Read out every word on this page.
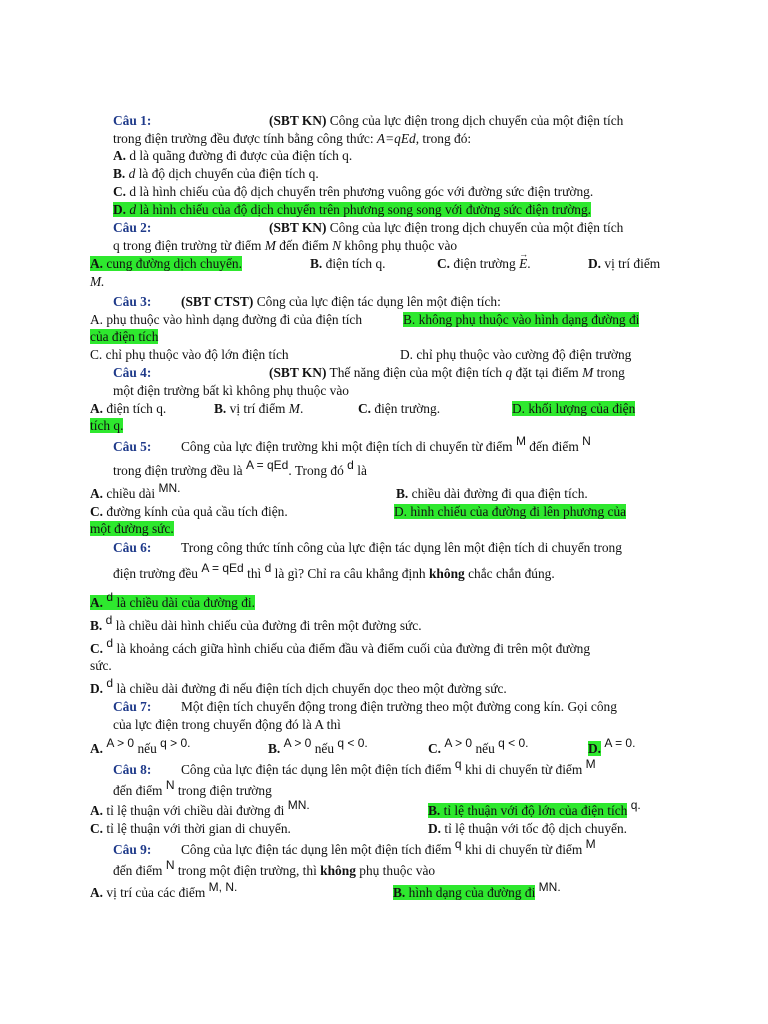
Câu 1:	(SBT KN) Công của lực điện trong dịch chuyển của một điện tích
trong điện trường đều được tính bằng công thức: A=qEd, trong đó:
A. d là quãng đường đi được của điện tích q.
B. d là độ dịch chuyển của điện tích q.
C. d là hình chiếu của độ dịch chuyển trên phương vuông góc với đường sức điện trường.
D. d là hình chiếu của độ dịch chuyển trên phương song song với đường sức điện trường.
Câu 2:	(SBT KN) Công của lực điện trong dịch chuyển của một điện tích
q trong điện trường từ điểm M đến điểm N không phụ thuộc vào
A. cung đường dịch chuyển.	B. điện tích q.	C. điện trường → E.	D. vị trí điểm
M.
Câu 3: (SBT CTST) Công của lực điện tác dụng lên một điện tích:
A. phụ thuộc vào hình dạng đường đi của điện tích	B. không phụ thuộc vào hình dạng đường đi
của điện tích
C. chỉ phụ thuộc vào độ lớn điện tích	D. chỉ phụ thuộc vào cường độ điện trường
Câu 4:	(SBT KN) Thế năng điện của một điện tích q đặt tại điểm M trong
một điện trường bất kì không phụ thuộc vào
A. điện tích q.	B. vị trí điểm M.	C. điện trường.	D. khối lượng của điện
tích q.
Câu 5: Công của lực điện trường khi một điện tích di chuyển từ điểm M đến điểm N
trong điện trường đều là A = qEd. Trong đó d là
A. chiều dài MN.	B. chiều dài đường đi qua điện tích.
C. đường kính của quả cầu tích điện.	D. hình chiếu của đường đi lên phương của
một đường sức.
Câu 6: Trong công thức tính công của lực điện tác dụng lên một điện tích di chuyển trong
điện trường đều A = qEd thì d là gì? Chỉ ra câu khẳng định không chắc chắn đúng.
A. d là chiều dài của đường đi.
B. d là chiều dài hình chiếu của đường đi trên một đường sức.
C. d là khoảng cách giữa hình chiếu của điểm đầu và điểm cuối của đường đi trên một đường
sức.
D. d là chiều dài đường đi nếu điện tích dịch chuyển dọc theo một đường sức.
Câu 7: Một điện tích chuyển động trong điện trường theo một đường cong kín. Gọi công
của lực điện trong chuyển động đó là A thì
A. A > 0 nếu q > 0.	B. A > 0 nếu q < 0.	C. A > 0 nếu q < 0.	D. A = 0.
Câu 8: Công của lực điện tác dụng lên một điện tích điểm q khi di chuyển từ điểm M
đến điểm N trong điện trường
A. tỉ lệ thuận với chiều dài đường đi MN.	B. tỉ lệ thuận với độ lớn của điện tích q.
C. tỉ lệ thuận với thời gian di chuyển.	D. tỉ lệ thuận với tốc độ dịch chuyển.
Câu 9: Công của lực điện tác dụng lên một điện tích điểm q khi di chuyển từ điểm M
đến điểm N trong một điện trường, thì không phụ thuộc vào
A. vị trí của các điểm M, N.	B. hình dạng của đường đi MN.
